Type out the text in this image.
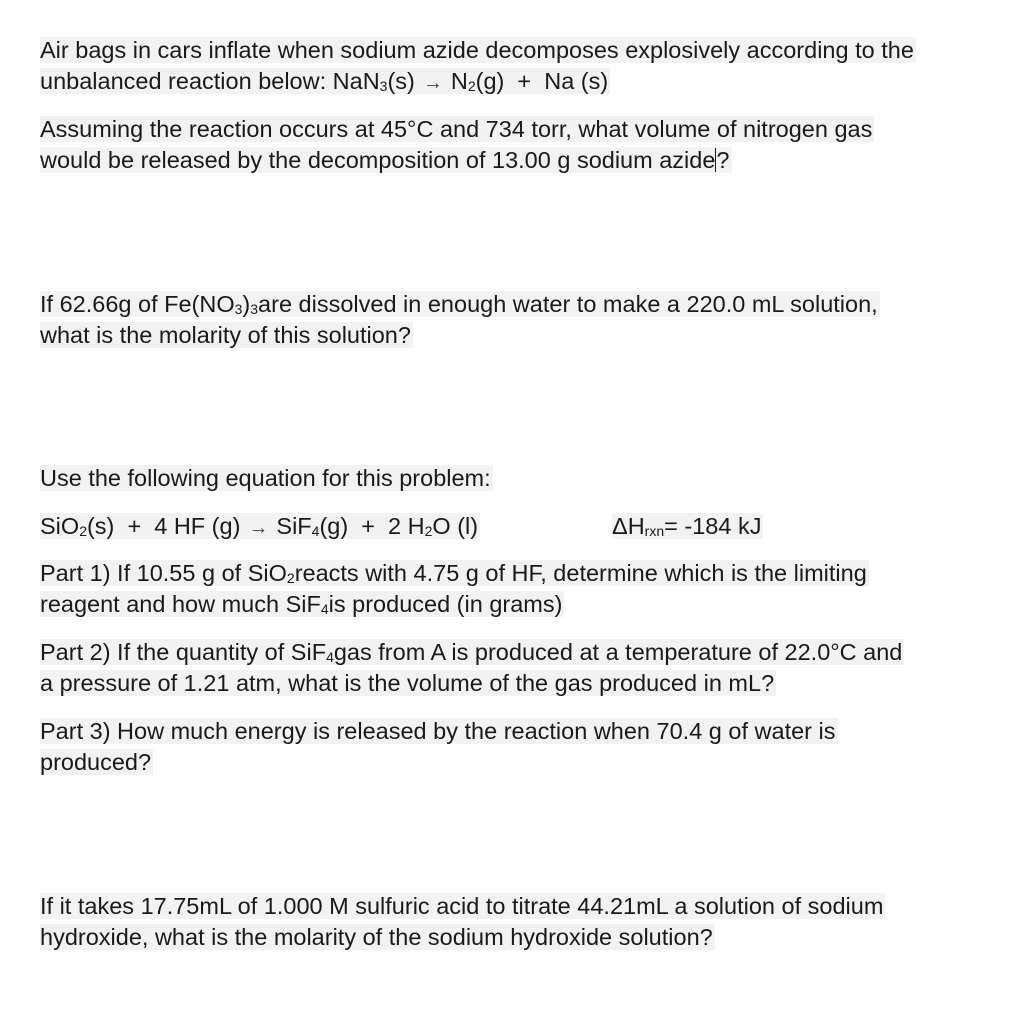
Air bags in cars inflate when sodium azide decomposes explosively according to the
unbalanced reaction below: NaN3(s) → N2(g)  +  Na (s)
Assuming the reaction occurs at 45°C and 734 torr, what volume of nitrogen gas
would be released by the decomposition of 13.00 g sodium azide?
If 62.66g of Fe(NO3)3are dissolved in enough water to make a 220.0 mL solution,
what is the molarity of this solution?
Use the following equation for this problem:
SiO2(s)  +  4 HF (g) → SiF4(g)  +  2 H2O (l)	ΔHrxn= -184 kJ
Part 1) If 10.55 g of SiO2reacts with 4.75 g of HF, determine which is the limiting
reagent and how much SiF4is produced (in grams)
Part 2) If the quantity of SiF4gas from A is produced at a temperature of 22.0°C and
a pressure of 1.21 atm, what is the volume of the gas produced in mL?
Part 3) How much energy is released by the reaction when 70.4 g of water is
produced?
If it takes 17.75mL of 1.000 M sulfuric acid to titrate 44.21mL a solution of sodium
hydroxide, what is the molarity of the sodium hydroxide solution?
